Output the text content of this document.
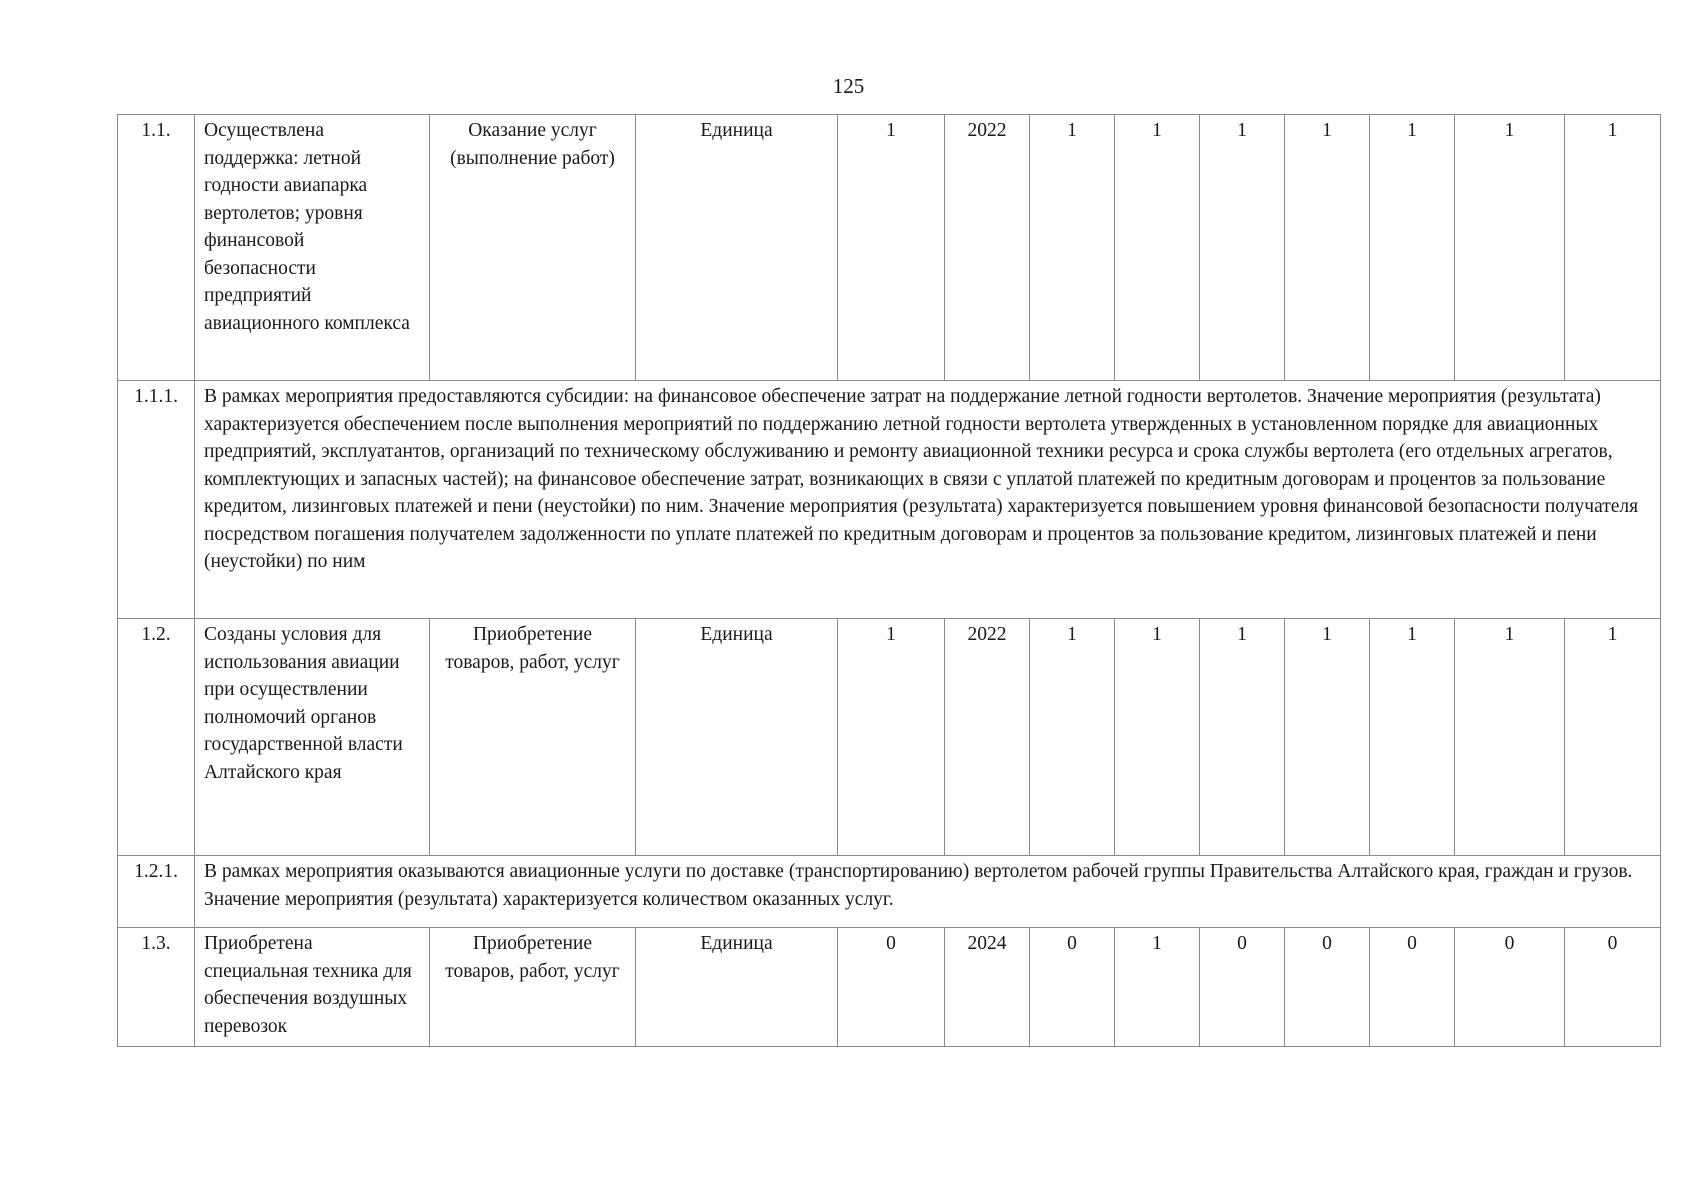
125
1.1.	Осуществлена поддержка: летной годности авиапарка вертолетов; уровня финансовой безопасности предприятий авиационного комплекса	Оказание услуг (выполнение работ)	Единица	1	2022	1	1	1	1	1	1	1
1.1.1.	В рамках мероприятия предоставляются субсидии: на финансовое обеспечение затрат на поддержание летной годности вертолетов. Значение мероприятия (результата) характеризуется обеспечением после выполнения мероприятий по поддержанию летной годности вертолета утвержденных в установленном порядке для авиационных предприятий, эксплуатантов, организаций по техническому обслуживанию и ремонту авиационной техники ресурса и срока службы вертолета (его отдельных агрегатов, комплектующих и запасных частей); на финансовое обеспечение затрат, возникающих в связи с уплатой платежей по кредитным договорам и процентов за пользование кредитом, лизинговых платежей и пени (неустойки) по ним. Значение мероприятия (результата) характеризуется повышением уровня финансовой безопасности получателя посредством погашения получателем задолженности по уплате платежей по кредитным договорам и процентов за пользование кредитом, лизинговых платежей и пени (неустойки) по ним											
1.2.	Созданы условия для использования авиации при осуществлении полномочий органов государственной власти Алтайского края	Приобретение товаров, работ, услуг	Единица	1	2022	1	1	1	1	1	1	1
1.2.1.	В рамках мероприятия оказываются авиационные услуги по доставке (транспортированию) вертолетом рабочей группы Правительства Алтайского края, граждан и грузов. Значение мероприятия (результата) характеризуется количеством оказанных услуг.											
1.3.	Приобретена специальная техника для обеспечения воздушных перевозок	Приобретение товаров, работ, услуг	Единица	0	2024	0	1	0	0	0	0	0
